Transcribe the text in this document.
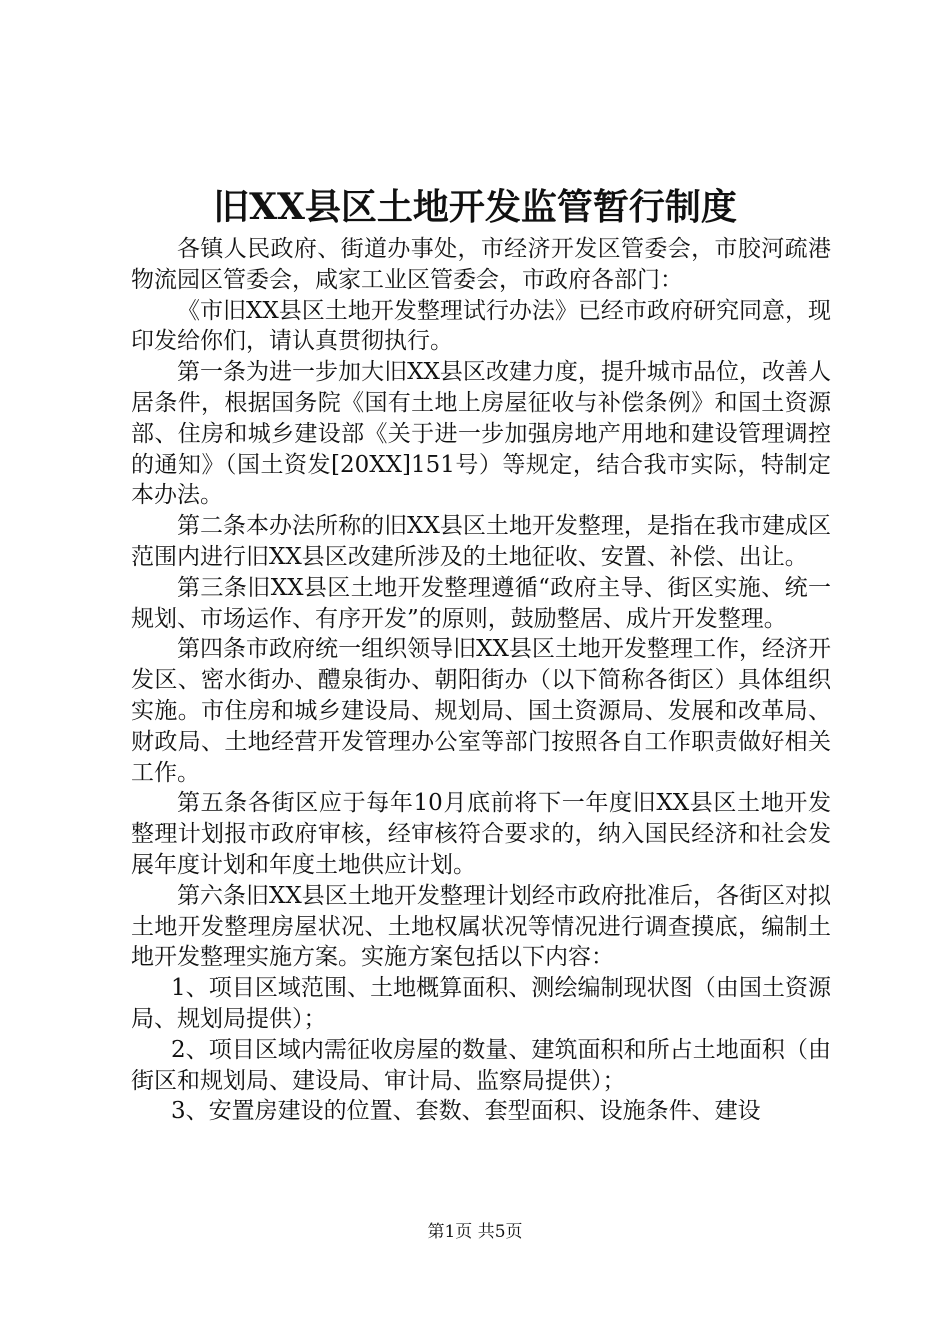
旧XX县区土地开发监管暂行制度

各镇人民政府、街道办事处，市经济开发区管委会，市胶河疏港物流园区管委会，咸家工业区管委会，市政府各部门：

《市旧XX县区土地开发整理试行办法》已经市政府研究同意，现印发给你们，请认真贯彻执行。

第一条为进一步加大旧XX县区改建力度，提升城市品位，改善人居条件，根据国务院《国有土地上房屋征收与补偿条例》和国土资源部、住房和城乡建设部《关于进一步加强房地产用地和建设管理调控的通知》（国土资发[20XX]151号）等规定，结合我市实际，特制定本办法。

第二条本办法所称的旧XX县区土地开发整理，是指在我市建成区范围内进行旧XX县区改建所涉及的土地征收、安置、补偿、出让。

第三条旧XX县区土地开发整理遵循“政府主导、街区实施、统一规划、市场运作、有序开发”的原则，鼓励整居、成片开发整理。

第四条市政府统一组织领导旧XX县区土地开发整理工作，经济开发区、密水街办、醴泉街办、朝阳街办（以下简称各街区）具体组织实施。市住房和城乡建设局、规划局、国土资源局、发展和改革局、财政局、土地经营开发管理办公室等部门按照各自工作职责做好相关工作。

第五条各街区应于每年10月底前将下一年度旧XX县区土地开发整理计划报市政府审核，经审核符合要求的，纳入国民经济和社会发展年度计划和年度土地供应计划。

第六条旧XX县区土地开发整理计划经市政府批准后，各街区对拟土地开发整理房屋状况、土地权属状况等情况进行调查摸底，编制土地开发整理实施方案。实施方案包括以下内容：

1、项目区域范围、土地概算面积、测绘编制现状图（由国土资源局、规划局提供）；

2、项目区域内需征收房屋的数量、建筑面积和所占土地面积（由街区和规划局、建设局、审计局、监察局提供）；

3、安置房建设的位置、套数、套型面积、设施条件、建设

第1页 共5页
